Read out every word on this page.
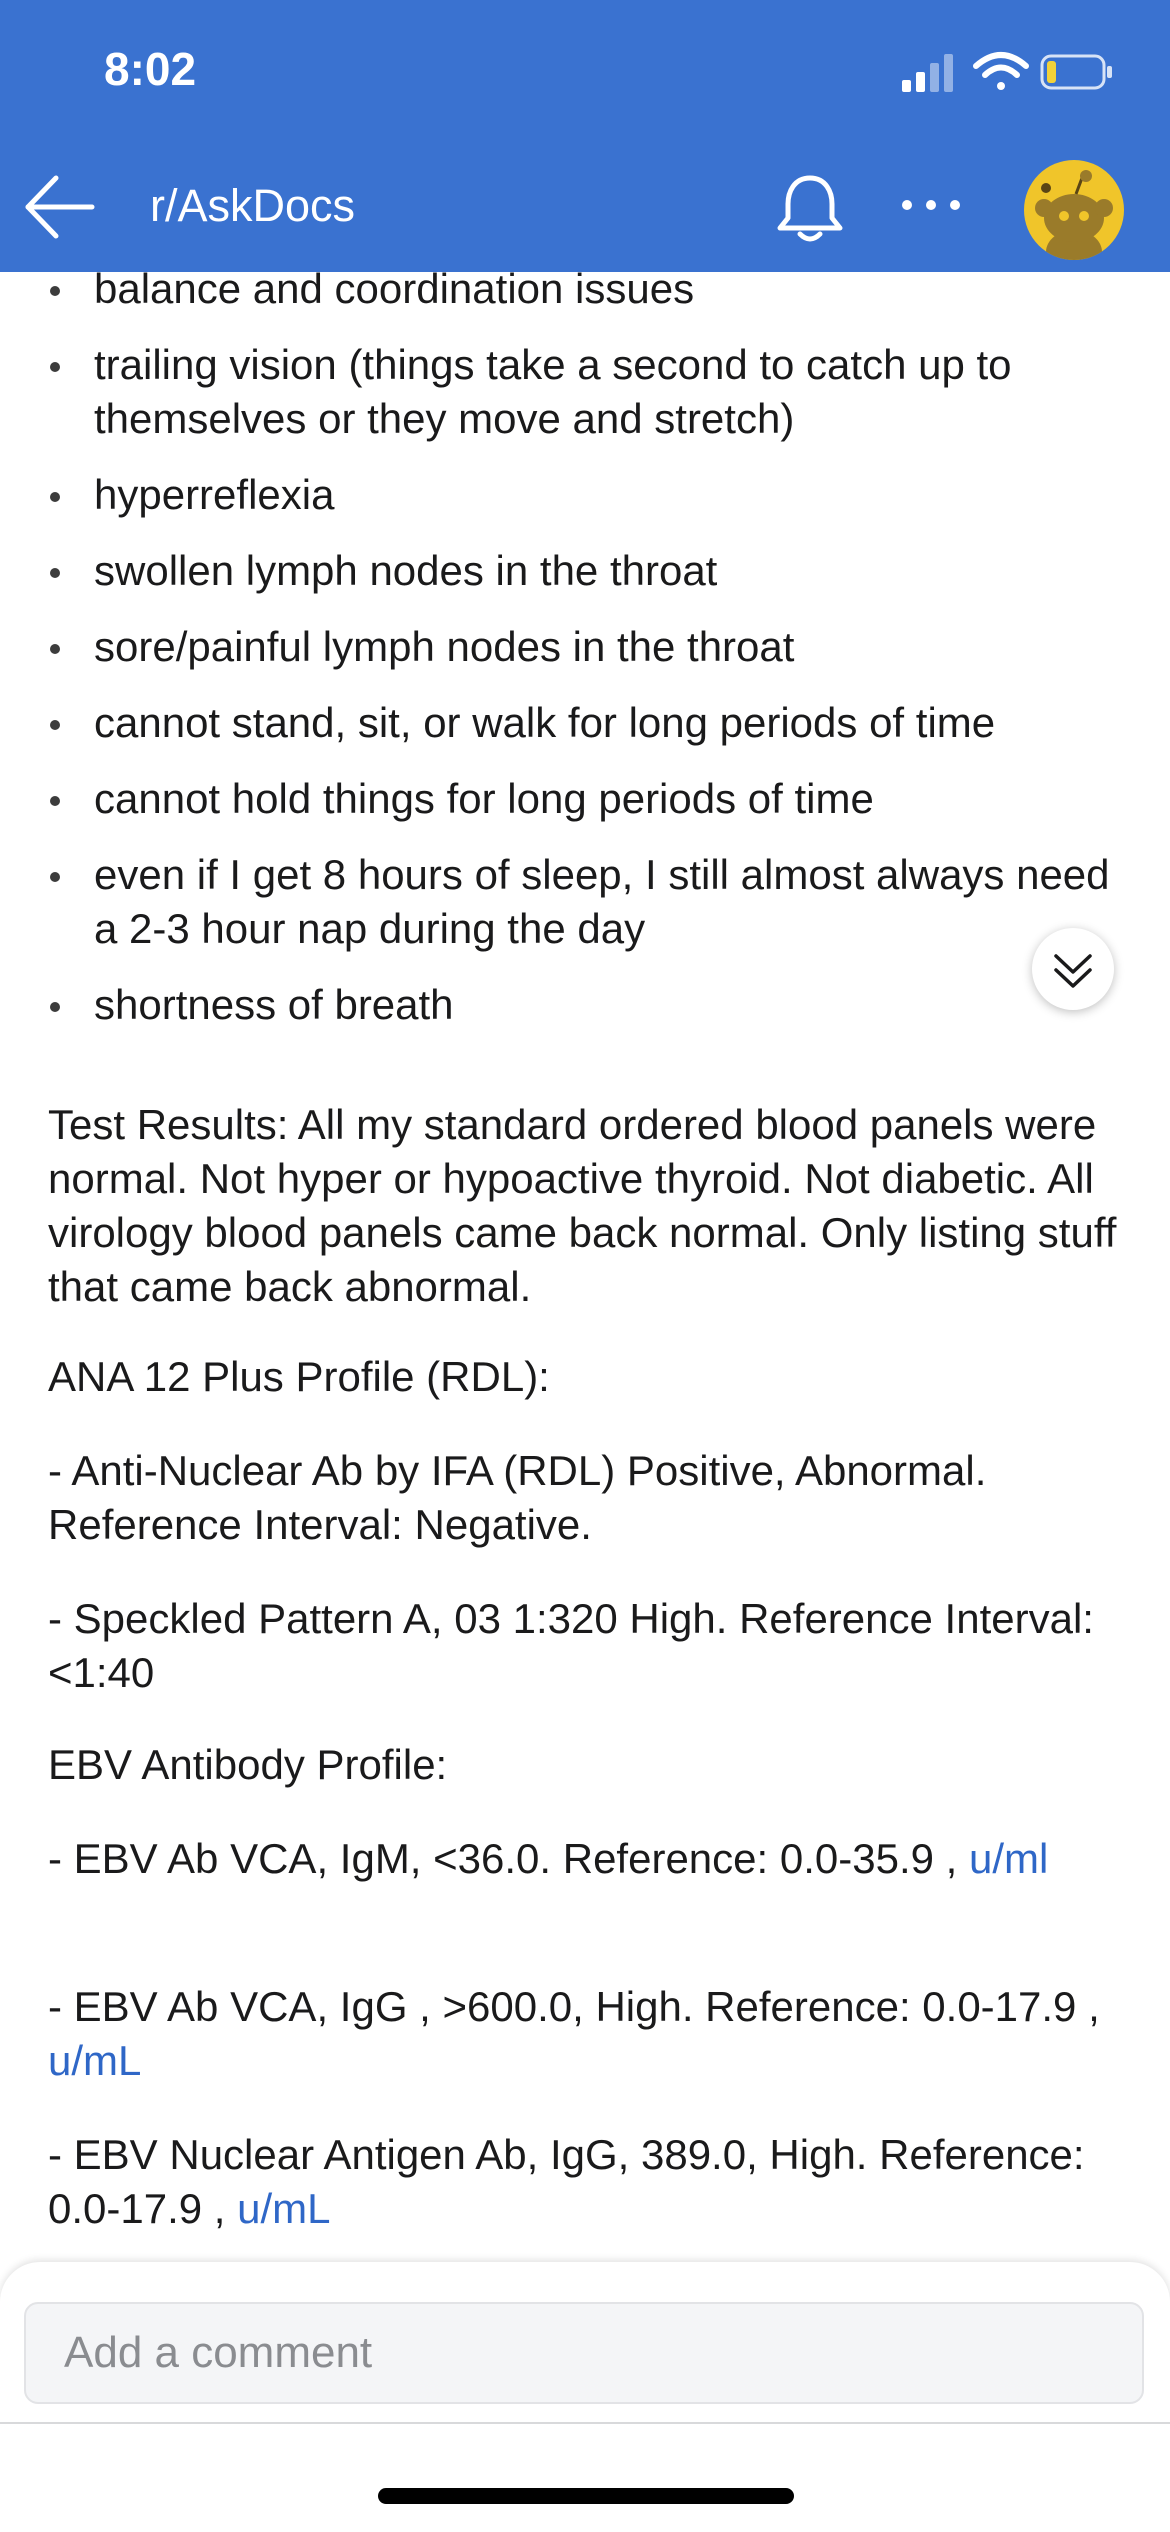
8:02
r/AskDocs
balance and coordination issues
trailing vision (things take a second to catch up to themselves or they move and stretch)
hyperreflexia
swollen lymph nodes in the throat
sore/painful lymph nodes in the throat
cannot stand, sit, or walk for long periods of time
cannot hold things for long periods of time
even if I get 8 hours of sleep, I still almost always need a 2-3 hour nap during the day
shortness of breath

Test Results: All my standard ordered blood panels were normal. Not hyper or hypoactive thyroid. Not diabetic. All virology blood panels came back normal. Only listing stuff that came back abnormal.

ANA 12 Plus Profile (RDL):

- Anti-Nuclear Ab by IFA (RDL) Positive, Abnormal. Reference Interval: Negative.

- Speckled Pattern A, 03 1:320 High. Reference Interval: <1:40

EBV Antibody Profile:

- EBV Ab VCA, IgM, <36.0. Reference: 0.0-35.9 , u/ml

- EBV Ab VCA, IgG , >600.0, High. Reference: 0.0-17.9 , u/mL

- EBV Nuclear Antigen Ab, IgG, 389.0, High. Reference: 0.0-17.9 , u/mL

Add a comment
